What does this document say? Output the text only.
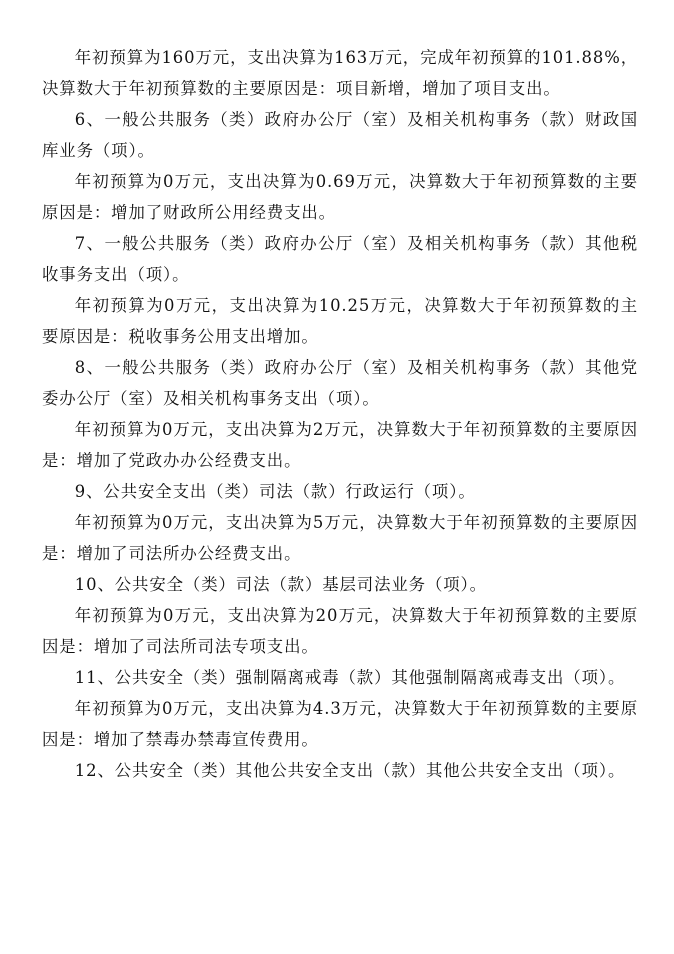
年初预算为160万元，支出决算为163万元，完成年初预算的101.88%，决算数大于年初预算数的主要原因是：项目新增，增加了项目支出。

6、一般公共服务（类）政府办公厅（室）及相关机构事务（款）财政国库业务（项）。

年初预算为0万元，支出决算为0.69万元，决算数大于年初预算数的主要原因是：增加了财政所公用经费支出。

7、一般公共服务（类）政府办公厅（室）及相关机构事务（款）其他税收事务支出（项）。

年初预算为0万元，支出决算为10.25万元，决算数大于年初预算数的主要原因是：税收事务公用支出增加。

8、一般公共服务（类）政府办公厅（室）及相关机构事务（款）其他党委办公厅（室）及相关机构事务支出（项）。

年初预算为0万元，支出决算为2万元，决算数大于年初预算数的主要原因是：增加了党政办办公经费支出。

9、公共安全支出（类）司法（款）行政运行（项）。

年初预算为0万元，支出决算为5万元，决算数大于年初预算数的主要原因是：增加了司法所办公经费支出。

10、公共安全（类）司法（款）基层司法业务（项）。

年初预算为0万元，支出决算为20万元，决算数大于年初预算数的主要原因是：增加了司法所司法专项支出。

11、公共安全（类）强制隔离戒毒（款）其他强制隔离戒毒支出（项）。

年初预算为0万元，支出决算为4.3万元，决算数大于年初预算数的主要原因是：增加了禁毒办禁毒宣传费用。

12、公共安全（类）其他公共安全支出（款）其他公共安全支出（项）。
